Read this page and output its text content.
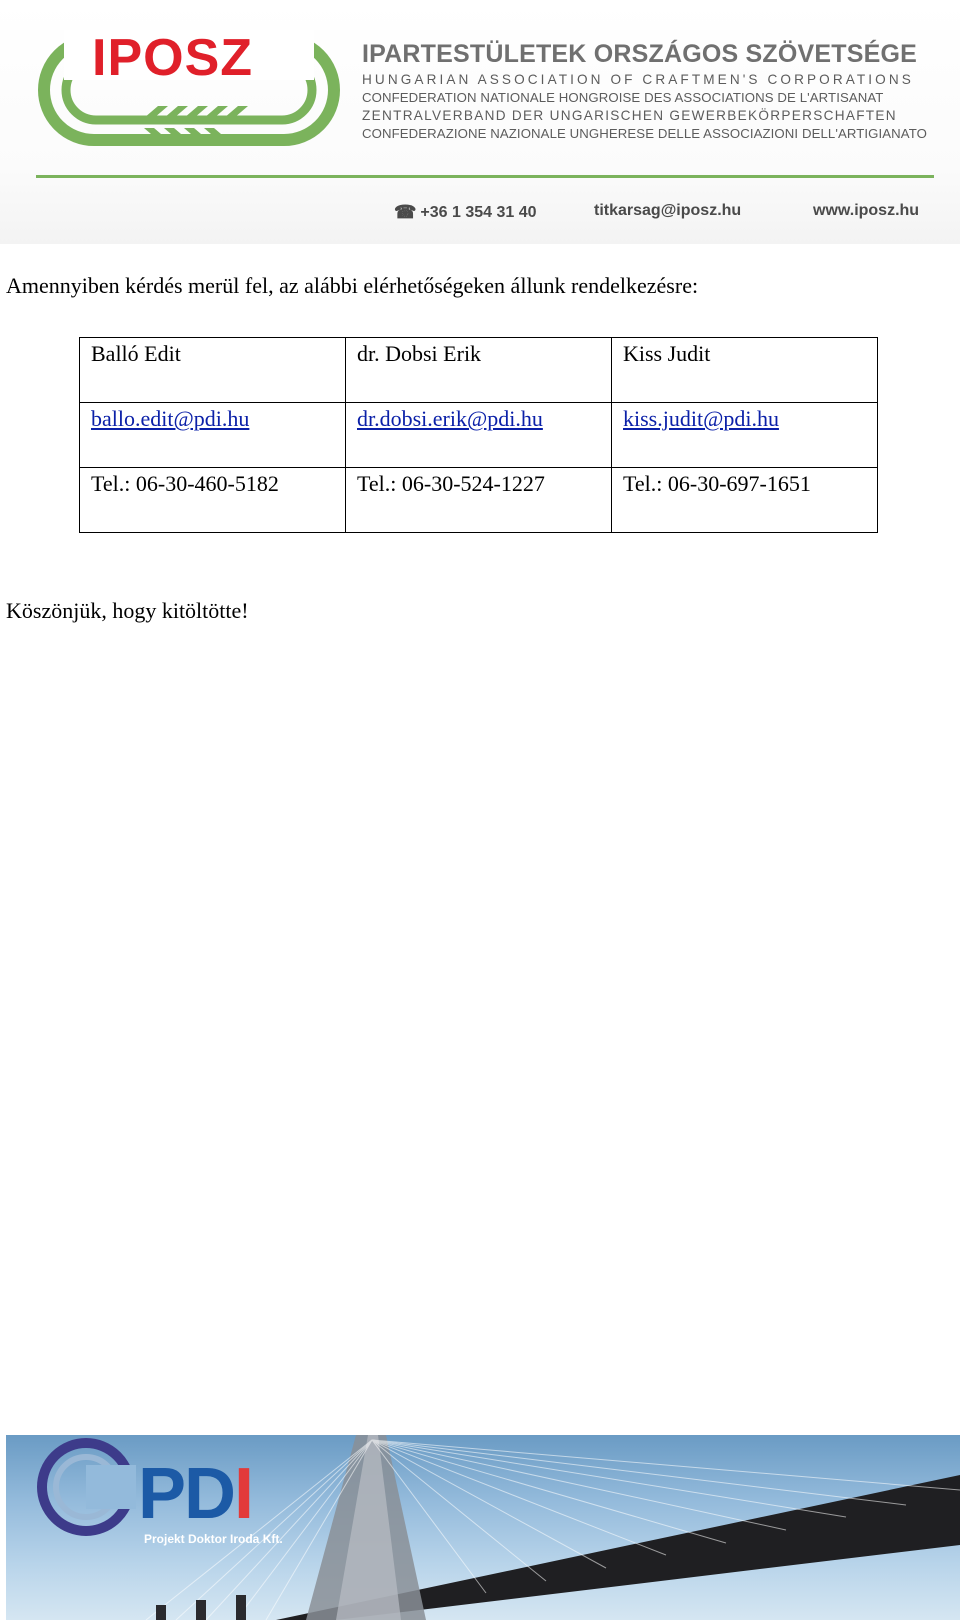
IPOSZ	IPARTESTÜLETEK ORSZÁGOS SZÖVETSÉGE
HUNGARIAN ASSOCIATION OF CRAFTMEN'S CORPORATIONS
CONFEDERATION NATIONALE HONGROISE DES ASSOCIATIONS DE L'ARTISANAT
ZENTRALVERBAND DER UNGARISCHEN GEWERBEKÖRPERSCHAFTEN
CONFEDERAZIONE NAZIONALE UNGHERESE DELLE ASSOCIAZIONI DELL'ARTIGIANATO
☎ +36 1 354 31 40	titkarsag@iposz.hu	www.iposz.hu
Amennyiben kérdés merül fel, az alábbi elérhetőségeken állunk rendelkezésre:
Balló Edit	dr. Dobsi Erik	Kiss Judit
ballo.edit@pdi.hu	dr.dobsi.erik@pdi.hu	kiss.judit@pdi.hu
Tel.: 06-30-460-5182	Tel.: 06-30-524-1227	Tel.: 06-30-697-1651
Köszönjük, hogy kitöltötte!
PDI
Projekt Doktor Iroda Kft.
